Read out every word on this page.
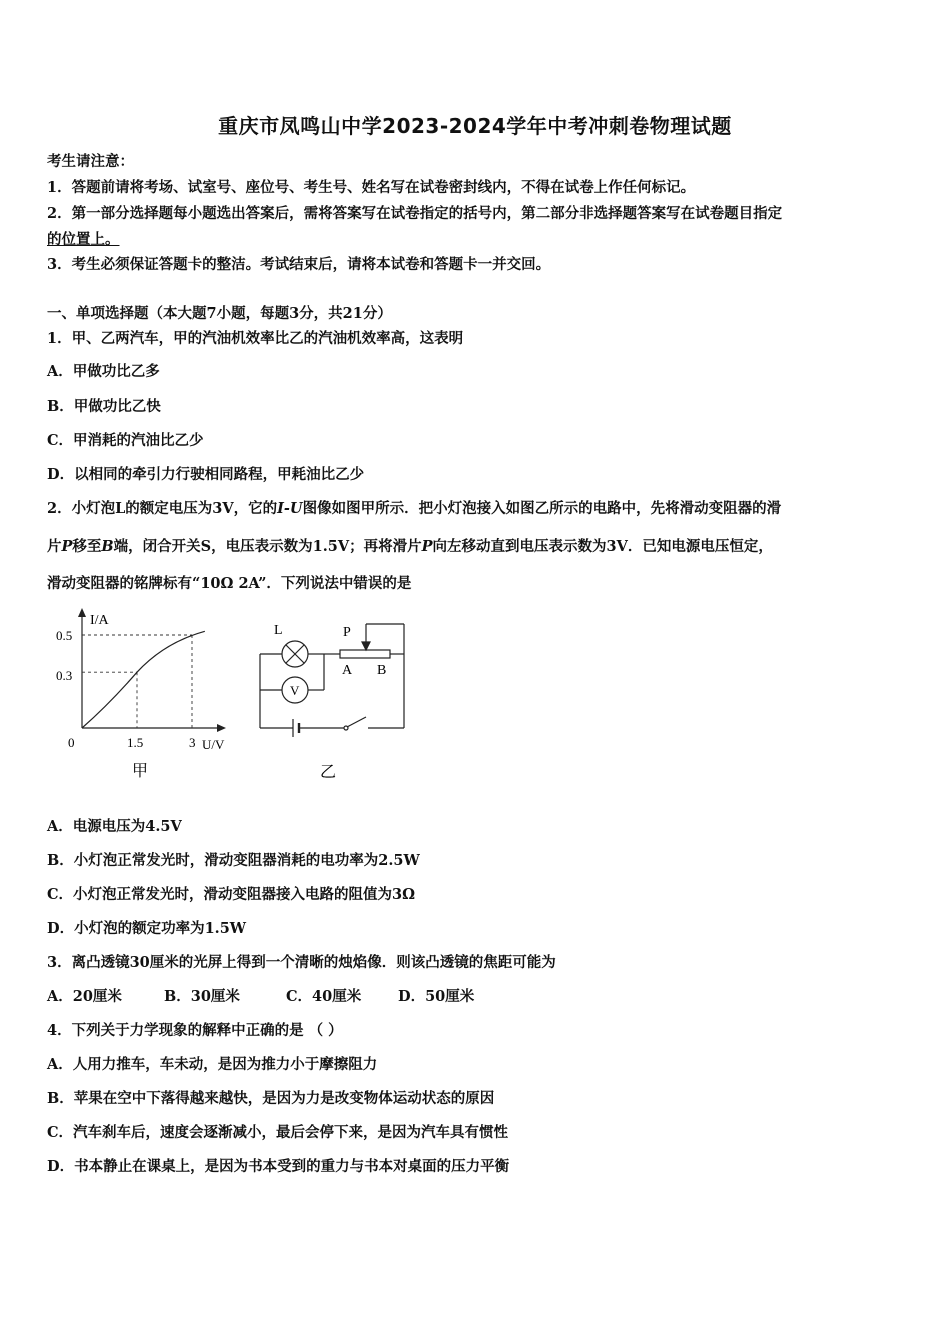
重庆市凤鸣山中学2023-2024学年中考冲刺卷物理试题
考生请注意：
1．答题前请将考场、试室号、座位号、考生号、姓名写在试卷密封线内，不得在试卷上作任何标记。
2．第一部分选择题每小题选出答案后，需将答案写在试卷指定的括号内，第二部分非选择题答案写在试卷题目指定
的位置上。
3．考生必须保证答题卡的整洁。考试结束后，请将本试卷和答题卡一并交回。
一、单项选择题（本大题7小题，每题3分，共21分）
1．甲、乙两汽车，甲的汽油机效率比乙的汽油机效率高，这表明
A．甲做功比乙多
B．甲做功比乙快
C．甲消耗的汽油比乙少
D．以相同的牵引力行驶相同路程，甲耗油比乙少
2．小灯泡L的额定电压为3V，它的I-U图像如图甲所示．把小灯泡接入如图乙所示的电路中，先将滑动变阻器的滑
片P移至B端，闭合开关S，电压表示数为1.5V；再将滑片P向左移动直到电压表示数为3V．已知电源电压恒定，
滑动变阻器的铭牌标有“10Ω 2A”．下列说法中错误的是
I/A
U/V
0
0.5
0.3
1.5	3
甲
L	P
A B
V
乙
A．电源电压为4.5V
B．小灯泡正常发光时，滑动变阻器消耗的电功率为2.5W
C．小灯泡正常发光时，滑动变阻器接入电路的阻值为3Ω
D．小灯泡的额定功率为1.5W
3．离凸透镜30厘米的光屏上得到一个清晰的烛焰像．则该凸透镜的焦距可能为
A．20厘米	B．30厘米	C．40厘米	D．50厘米
4．下列关于力学现象的解释中正确的是 （ ）
A．人用力推车，车未动，是因为推力小于摩擦阻力
B．苹果在空中下落得越来越快，是因为力是改变物体运动状态的原因
C．汽车刹车后，速度会逐渐减小，最后会停下来，是因为汽车具有惯性
D．书本静止在课桌上，是因为书本受到的重力与书本对桌面的压力平衡
